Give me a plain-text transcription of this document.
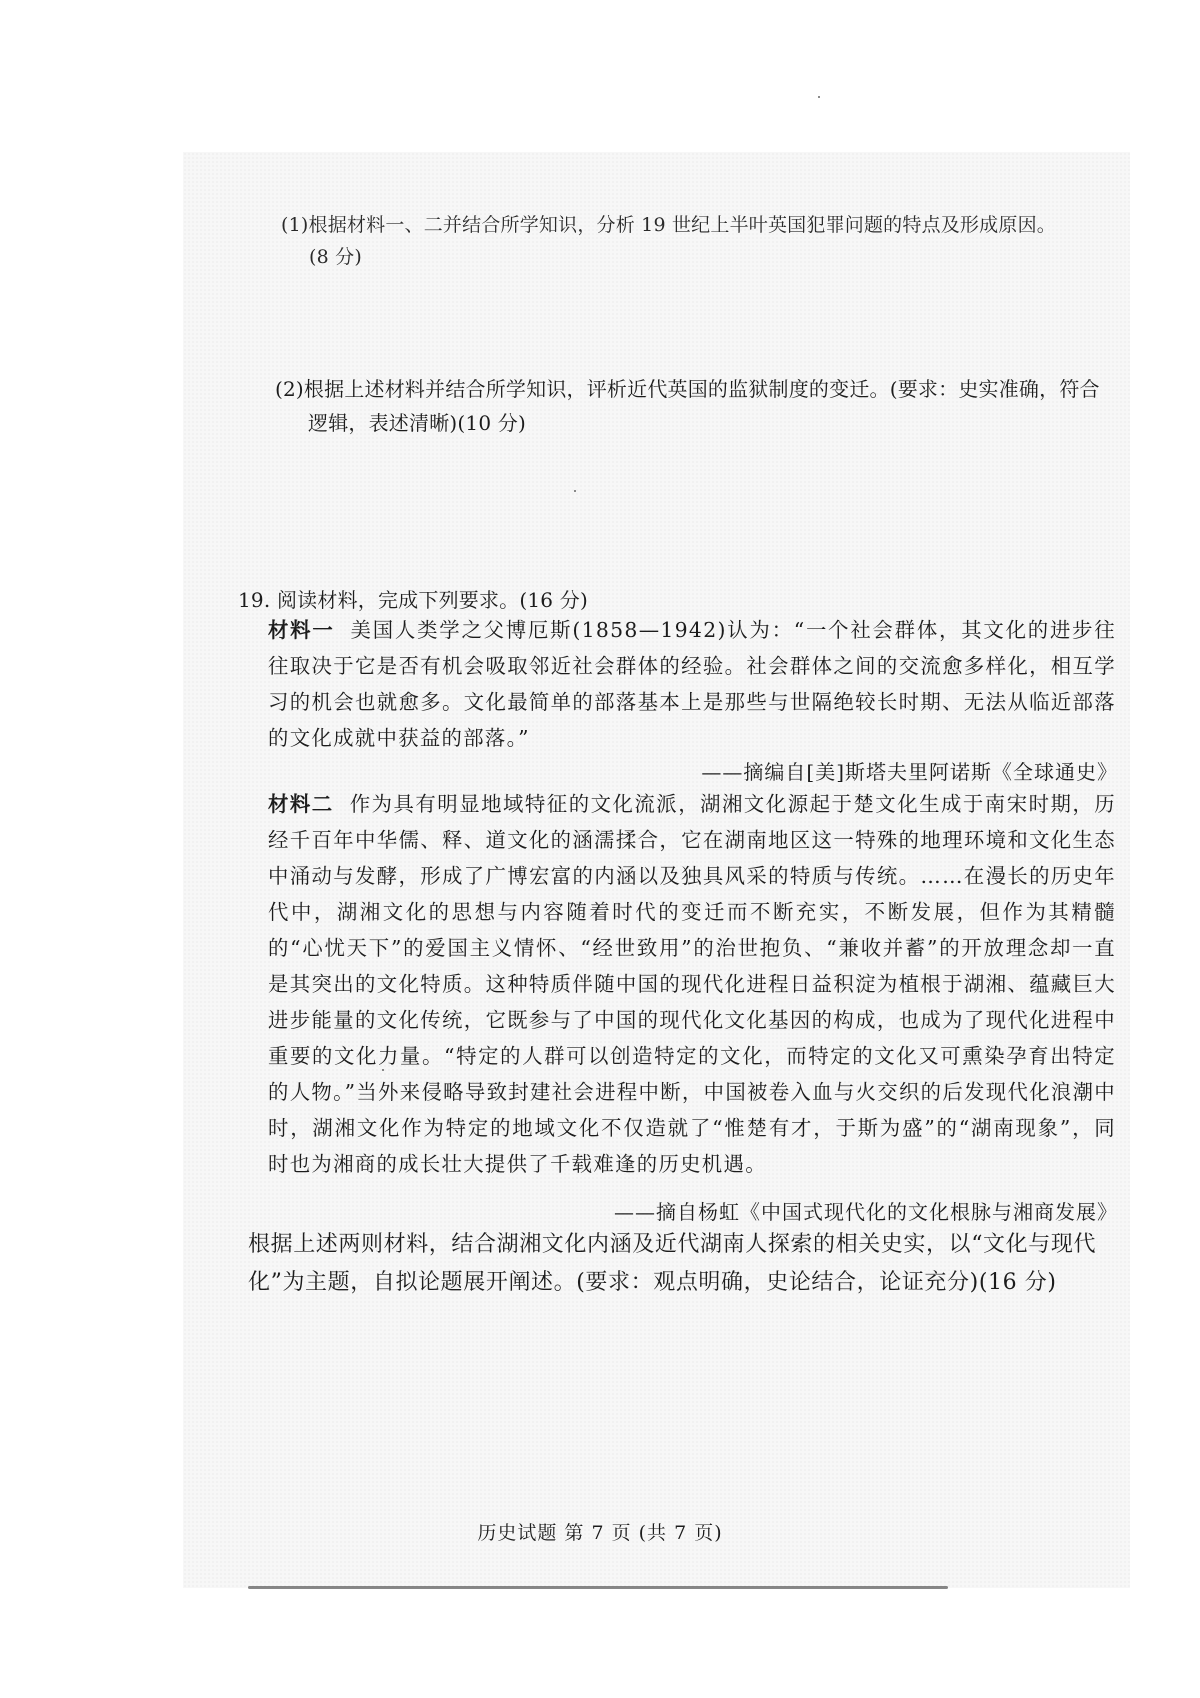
(1)根据材料一、二并结合所学知识，分析 19 世纪上半叶英国犯罪问题的特点及形成原因。
(8 分)
(2)根据上述材料并结合所学知识，评析近代英国的监狱制度的变迁。(要求：史实准确，符合
逻辑，表述清晰)(10 分)
19. 阅读材料，完成下列要求。(16 分)
材料一 美国人类学之父博厄斯(1858—1942)认为：“一个社会群体，其文化的进步往往取决于它是否有机会吸取邻近社会群体的经验。社会群体之间的交流愈多样化，相互学习的机会也就愈多。文化最简单的部落基本上是那些与世隔绝较长时期、无法从临近部落的文化成就中获益的部落。”
——摘编自[美]斯塔夫里阿诺斯《全球通史》
材料二 作为具有明显地域特征的文化流派，湖湘文化源起于楚文化生成于南宋时期，历经千百年中华儒、释、道文化的涵濡揉合，它在湖南地区这一特殊的地理环境和文化生态中涌动与发酵，形成了广博宏富的内涵以及独具风采的特质与传统。……在漫长的历史年代中，湖湘文化的思想与内容随着时代的变迁而不断充实，不断发展，但作为其精髓的“心忧天下”的爱国主义情怀、“经世致用”的治世抱负、“兼收并蓄”的开放理念却一直是其突出的文化特质。这种特质伴随中国的现代化进程日益积淀为植根于湖湘、蕴藏巨大进步能量的文化传统，它既参与了中国的现代化文化基因的构成，也成为了现代化进程中重要的文化力量。“特定的人群可以创造特定的文化，而特定的文化又可熏染孕育出特定的人物。”当外来侵略导致封建社会进程中断，中国被卷入血与火交织的后发现代化浪潮中时，湖湘文化作为特定的地域文化不仅造就了“惟楚有才，于斯为盛”的“湖南现象”，同时也为湘商的成长壮大提供了千载难逢的历史机遇。
——摘自杨虹《中国式现代化的文化根脉与湘商发展》
根据上述两则材料，结合湖湘文化内涵及近代湖南人探索的相关史实，以“文化与现代化”为主题，自拟论题展开阐述。(要求：观点明确，史论结合，论证充分)(16 分)
历史试题 第 7 页 (共 7 页)
